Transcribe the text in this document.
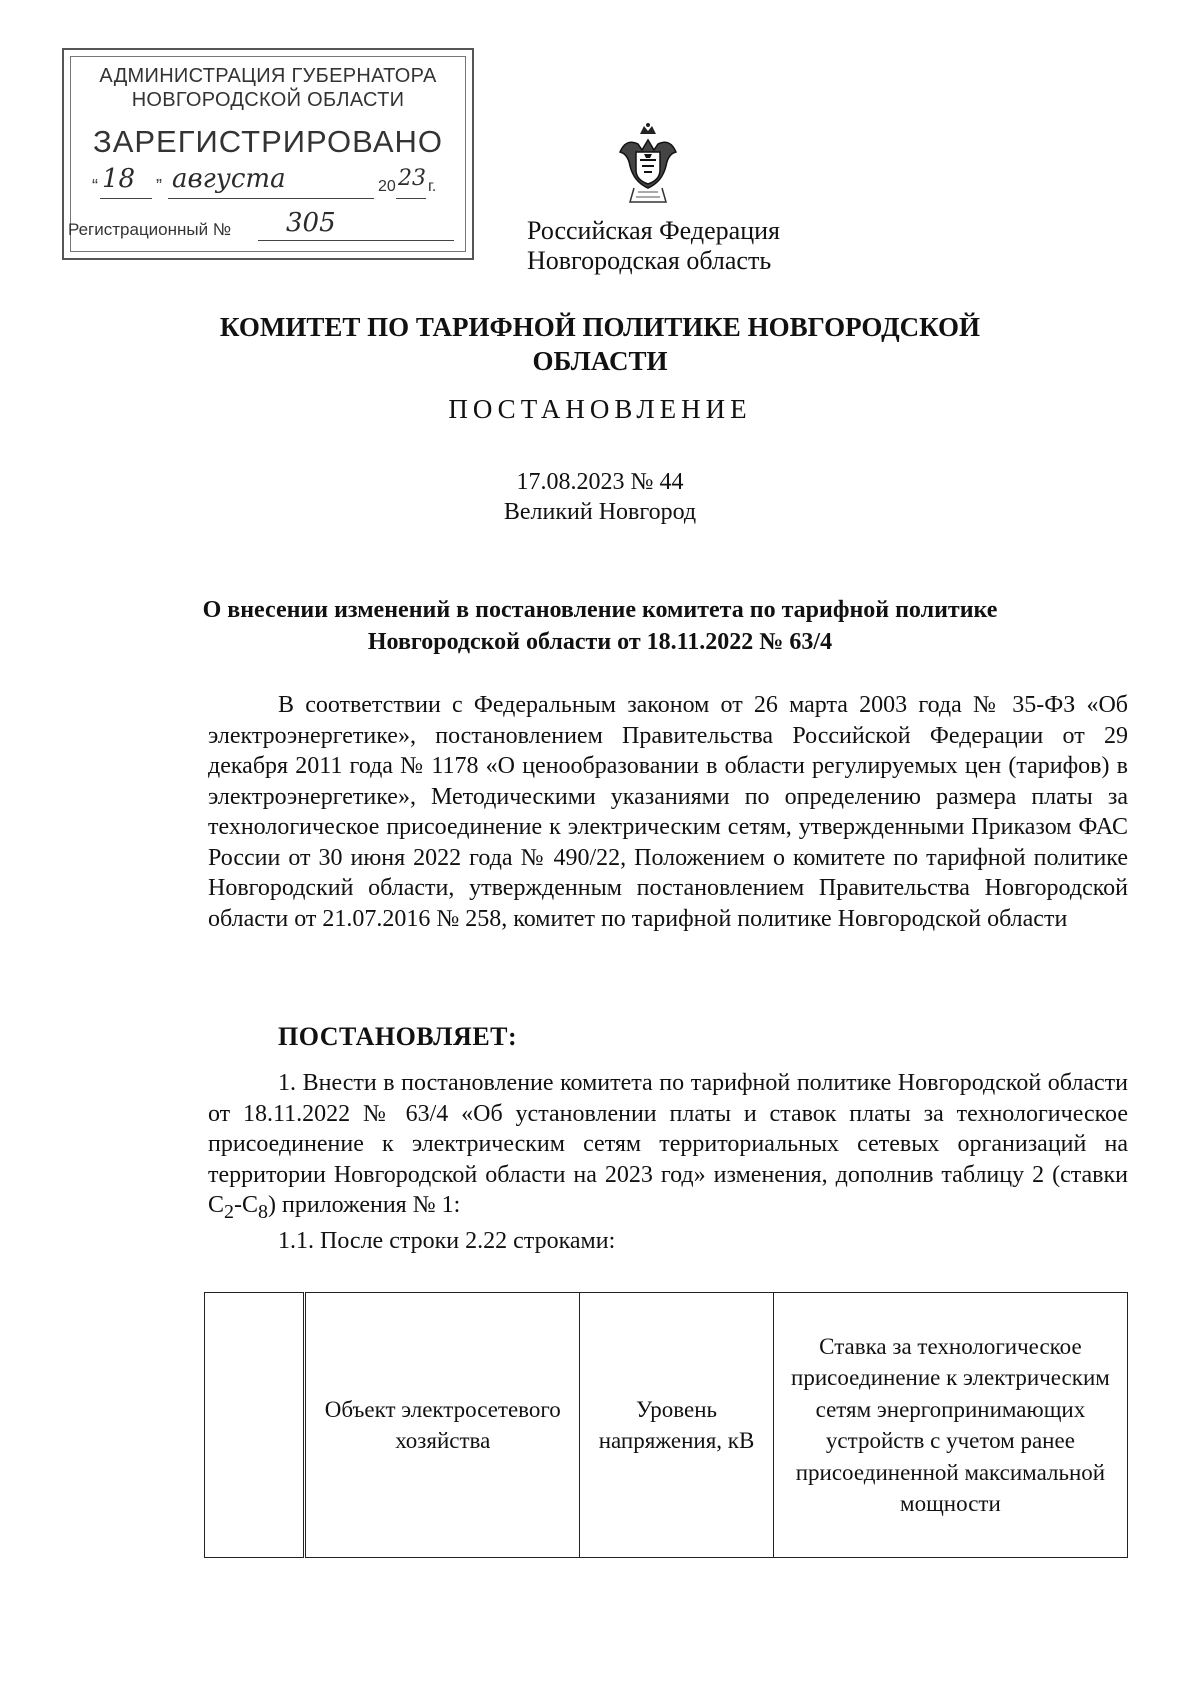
АДМИНИСТРАЦИЯ ГУБЕРНАТОРА
НОВГОРОДСКОЙ ОБЛАСТИ
ЗАРЕГИСТРИРОВАНО
“ 18	” августа	20 23 г.
Регистрационный № 305	Российская Федерация
Новгородская область
КОМИТЕТ ПО ТАРИФНОЙ ПОЛИТИКЕ НОВГОРОДСКОЙ
ОБЛАСТИ
ПОСТАНОВЛЕНИЕ
17.08.2023 № 44
Великий Новгород
О внесении изменений в постановление комитета по тарифной политике
Новгородской области от 18.11.2022 № 63/4
В соответствии с Федеральным законом от 26 марта 2003 года № 35-ФЗ «Об электроэнергетике», постановлением Правительства Российской Федерации от 29 декабря 2011 года № 1178 «О ценообразовании в области регулируемых цен (тарифов) в электроэнергетике», Методическими указаниями по определению размера платы за технологическое присоединение к электрическим сетям, утвержденными Приказом ФАС России от 30 июня 2022 года № 490/22, Положением о комитете по тарифной политике Новгородский области, утвержденным постановлением Правительства Новгородской области от 21.07.2016 № 258, комитет по тарифной политике Новгородской области
ПОСТАНОВЛЯЕТ:
1. Внести в постановление комитета по тарифной политике Новгородской области от 18.11.2022 № 63/4 «Об установлении платы и ставок платы за технологическое присоединение к электрическим сетям территориальных сетевых организаций на территории Новгородской области на 2023 год» изменения, дополнив таблицу 2 (ставки $С_2-С_8$) приложения № 1:
1.1. После строки 2.22 строками:
	Объект электросетевого хозяйства	Уровень напряжения, кВ	Ставка за технологическое присоединение к электрическим сетям энергопринимающих устройств с учетом ранее присоединенной максимальной мощности
